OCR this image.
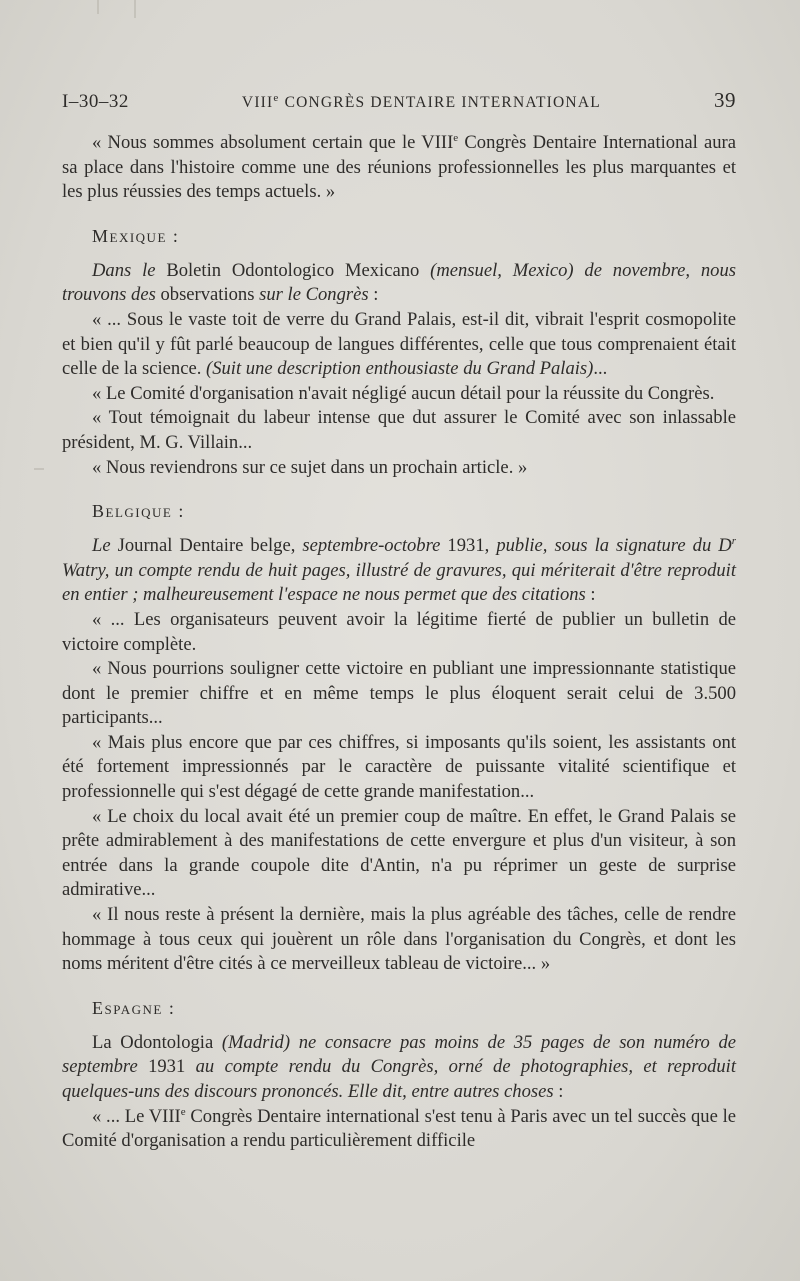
I–30–32	VIIIe CONGRÈS DENTAIRE INTERNATIONAL	39

« Nous sommes absolument certain que le VIIIe Congrès Dentaire International aura sa place dans l'histoire comme une des réunions professionnelles les plus marquantes et les plus réussies des temps actuels. »

Mexique :

Dans le Boletin Odontologico Mexicano (mensuel, Mexico) de novembre, nous trouvons des observations sur le Congrès :

« ... Sous le vaste toit de verre du Grand Palais, est-il dit, vibrait l'esprit cosmopolite et bien qu'il y fût parlé beaucoup de langues différentes, celle que tous comprenaient était celle de la science. (Suit une description enthousiaste du Grand Palais)...

« Le Comité d'organisation n'avait négligé aucun détail pour la réussite du Congrès.

« Tout témoignait du labeur intense que dut assurer le Comité avec son inlassable président, M. G. Villain...

« Nous reviendrons sur ce sujet dans un prochain article. »

Belgique :

Le Journal Dentaire belge, septembre-octobre 1931, publie, sous la signature du $D^r$ Watry, un compte rendu de huit pages, illustré de gravures, qui mériterait d'être reproduit en entier ; malheureusement l'espace ne nous permet que des citations :

« ... Les organisateurs peuvent avoir la légitime fierté de publier un bulletin de victoire complète.

« Nous pourrions souligner cette victoire en publiant une impressionnante statistique dont le premier chiffre et en même temps le plus éloquent serait celui de 3.500 participants...

« Mais plus encore que par ces chiffres, si imposants qu'ils soient, les assistants ont été fortement impressionnés par le caractère de puissante vitalité scientifique et professionnelle qui s'est dégagé de cette grande manifestation...

« Le choix du local avait été un premier coup de maître. En effet, le Grand Palais se prête admirablement à des manifestations de cette envergure et plus d'un visiteur, à son entrée dans la grande coupole dite d'Antin, n'a pu réprimer un geste de surprise admirative...

« Il nous reste à présent la dernière, mais la plus agréable des tâches, celle de rendre hommage à tous ceux qui jouèrent un rôle dans l'organisation du Congrès, et dont les noms méritent d'être cités à ce merveilleux tableau de victoire... »

Espagne :

La Odontologia (Madrid) ne consacre pas moins de 35 pages de son numéro de septembre 1931 au compte rendu du Congrès, orné de photographies, et reproduit quelques-uns des discours prononcés. Elle dit, entre autres choses :

« ... Le VIIIe Congrès Dentaire international s'est tenu à Paris avec un tel succès que le Comité d'organisation a rendu particulièrement difficile
